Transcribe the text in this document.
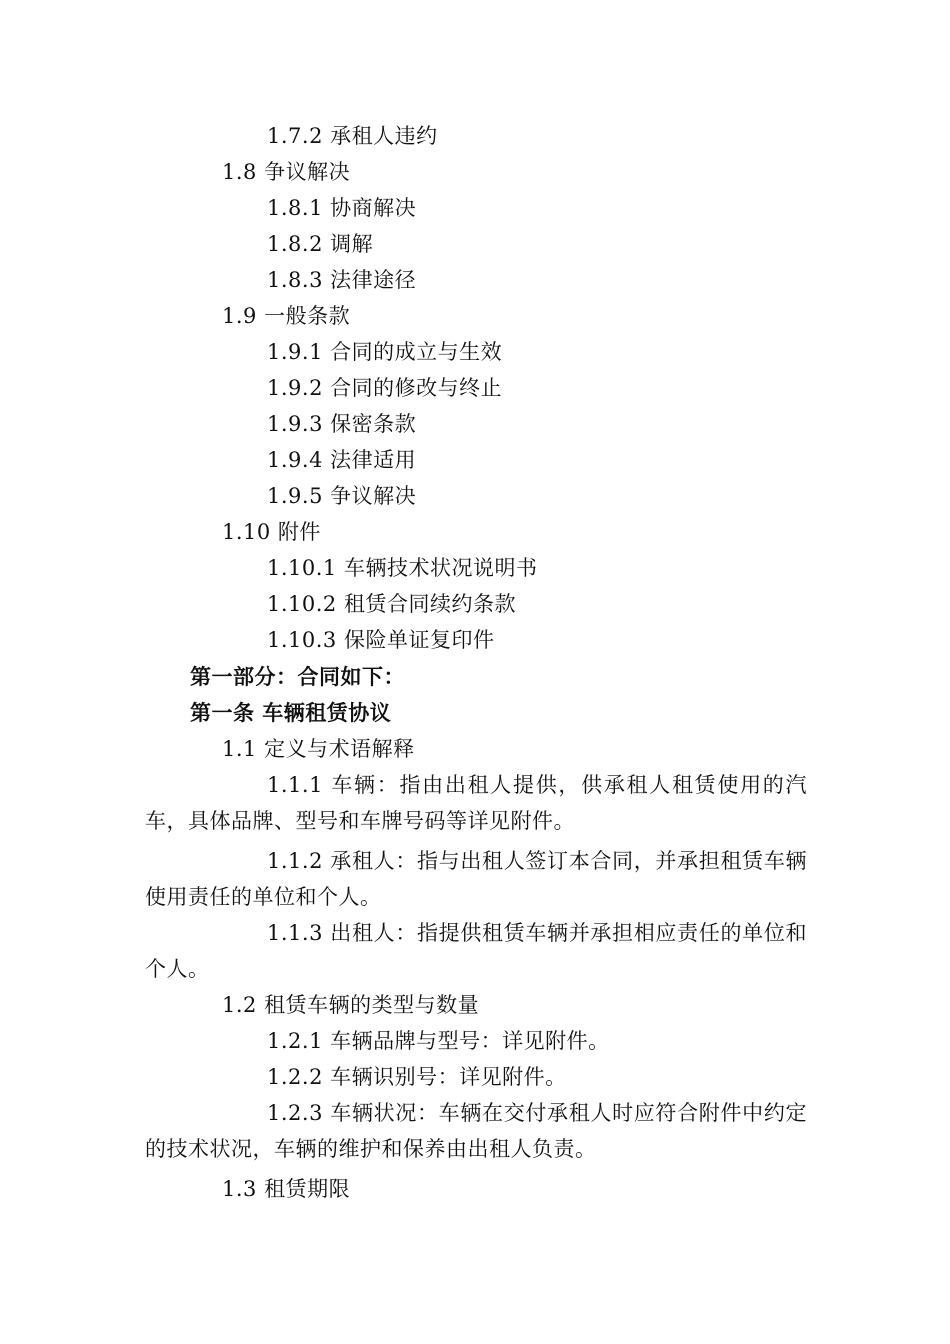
1.7.2 承租人违约
1.8 争议解决
1.8.1 协商解决
1.8.2 调解
1.8.3 法律途径
1.9 一般条款
1.9.1 合同的成立与生效
1.9.2 合同的修改与终止
1.9.3 保密条款
1.9.4 法律适用
1.9.5 争议解决
1.10 附件
1.10.1 车辆技术状况说明书
1.10.2 租赁合同续约条款
1.10.3 保险单证复印件
第一部分：合同如下：
第一条 车辆租赁协议
1.1 定义与术语解释
1.1.1 车辆：指由出租人提供，供承租人租赁使用的汽车，具体品牌、型号和车牌号码等详见附件。
1.1.2 承租人：指与出租人签订本合同，并承担租赁车辆使用责任的单位和个人。
1.1.3 出租人：指提供租赁车辆并承担相应责任的单位和个人。
1.2 租赁车辆的类型与数量
1.2.1 车辆品牌与型号：详见附件。
1.2.2 车辆识别号：详见附件。
1.2.3 车辆状况：车辆在交付承租人时应符合附件中约定的技术状况，车辆的维护和保养由出租人负责。
1.3 租赁期限
